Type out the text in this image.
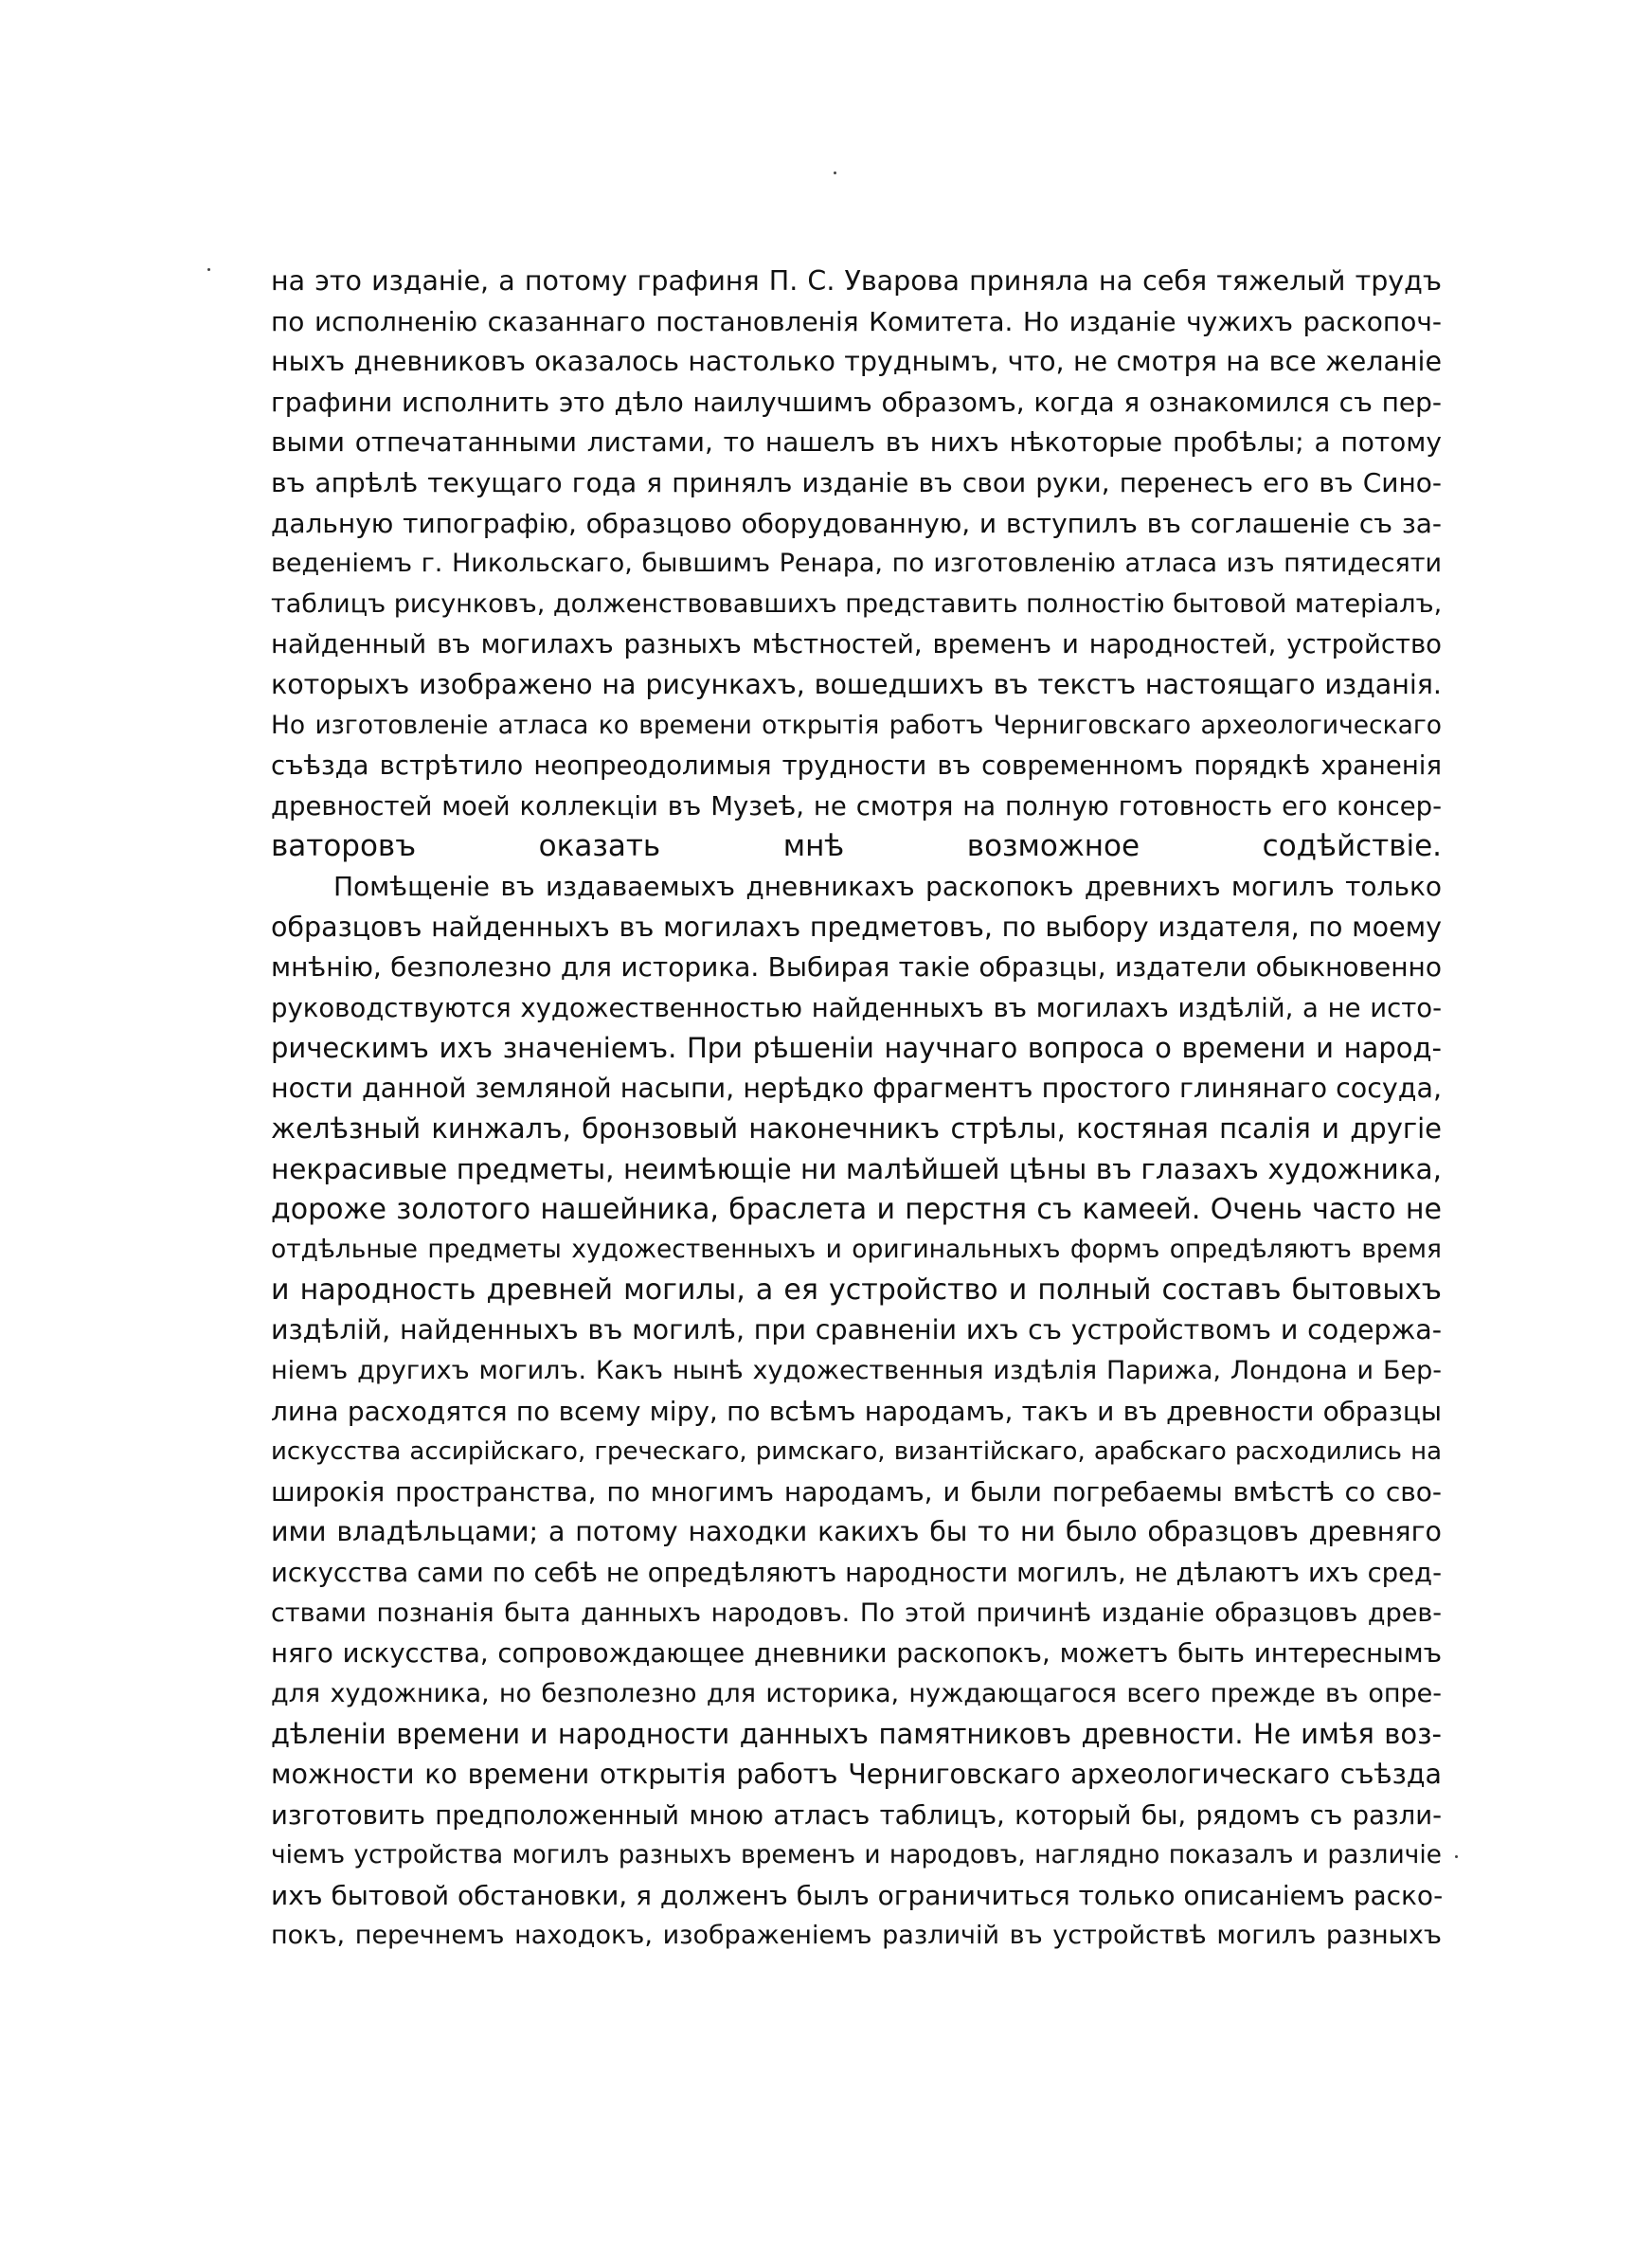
на это изданіе, а потому графиня П. С. Уварова приняла на себя тяжелый трудъ
по исполненію сказаннаго постановленія Комитета. Но изданіе чужихъ раскопоч-
ныхъ дневниковъ оказалось настолько труднымъ, что, не смотря на все желаніе
графини исполнить это дѣло наилучшимъ образомъ, когда я ознакомился съ пер-
выми отпечатанными листами, то нашелъ въ нихъ нѣкоторые пробѣлы; а потому
въ апрѣлѣ текущаго года я принялъ изданіе въ свои руки, перенесъ его въ Сино-
дальную типографію, образцово оборудованную, и вступилъ въ соглашеніе съ за-
веденіемъ г. Никольскаго, бывшимъ Ренара, по изготовленію атласа изъ пятидесяти
таблицъ рисунковъ, долженствовавшихъ представить полностію бытовой матеріалъ,
найденный въ могилахъ разныхъ мѣстностей, временъ и народностей, устройство
которыхъ изображено на рисункахъ, вошедшихъ въ текстъ настоящаго изданія.
Но изготовленіе атласа ко времени открытія работъ Черниговскаго археологическаго
съѣзда встрѣтило неопреодолимыя трудности въ современномъ порядкѣ храненія
древностей моей коллекціи въ Музеѣ, не смотря на полную готовность его консер-
ваторовъ оказать мнѣ возможное содѣйствіе.
Помѣщеніе въ издаваемыхъ дневникахъ раскопокъ древнихъ могилъ только
образцовъ найденныхъ въ могилахъ предметовъ, по выбору издателя, по моему
мнѣнію, безполезно для историка. Выбирая такіе образцы, издатели обыкновенно
руководствуются художественностью найденныхъ въ могилахъ издѣлій, а не исто-
рическимъ ихъ значеніемъ. При рѣшеніи научнаго вопроса о времени и народ-
ности данной земляной насыпи, нерѣдко фрагментъ простого глинянаго сосуда,
желѣзный кинжалъ, бронзовый наконечникъ стрѣлы, костяная псалія и другіе
некрасивые предметы, неимѣющіе ни малѣйшей цѣны въ глазахъ художника,
дороже золотого нашейника, браслета и перстня съ камеей. Очень часто не
отдѣльные предметы художественныхъ и оригинальныхъ формъ опредѣляютъ время
и народность древней могилы, а ея устройство и полный составъ бытовыхъ
издѣлій, найденныхъ въ могилѣ, при сравненіи ихъ съ устройствомъ и содержа-
ніемъ другихъ могилъ. Какъ нынѣ художественныя издѣлія Парижа, Лондона и Бер-
лина расходятся по всему міру, по всѣмъ народамъ, такъ и въ древности образцы
искусства ассирійскаго, греческаго, римскаго, византійскаго, арабскаго расходились на
широкія пространства, по многимъ народамъ, и были погребаемы вмѣстѣ со сво-
ими владѣльцами; а потому находки какихъ бы то ни было образцовъ древняго
искусства сами по себѣ не опредѣляютъ народности могилъ, не дѣлаютъ ихъ сред-
ствами познанія быта данныхъ народовъ. По этой причинѣ изданіе образцовъ древ-
няго искусства, сопровождающее дневники раскопокъ, можетъ быть интереснымъ
для художника, но безполезно для историка, нуждающагося всего прежде въ опре-
дѣленіи времени и народности данныхъ памятниковъ древности. Не имѣя воз-
можности ко времени открытія работъ Черниговскаго археологическаго съѣзда
изготовить предположенный мною атласъ таблицъ, который бы, рядомъ съ разли-
чіемъ устройства могилъ разныхъ временъ и народовъ, наглядно показалъ и различіе
ихъ бытовой обстановки, я долженъ былъ ограничиться только описаніемъ раско-
покъ, перечнемъ находокъ, изображеніемъ различій въ устройствѣ могилъ разныхъ
